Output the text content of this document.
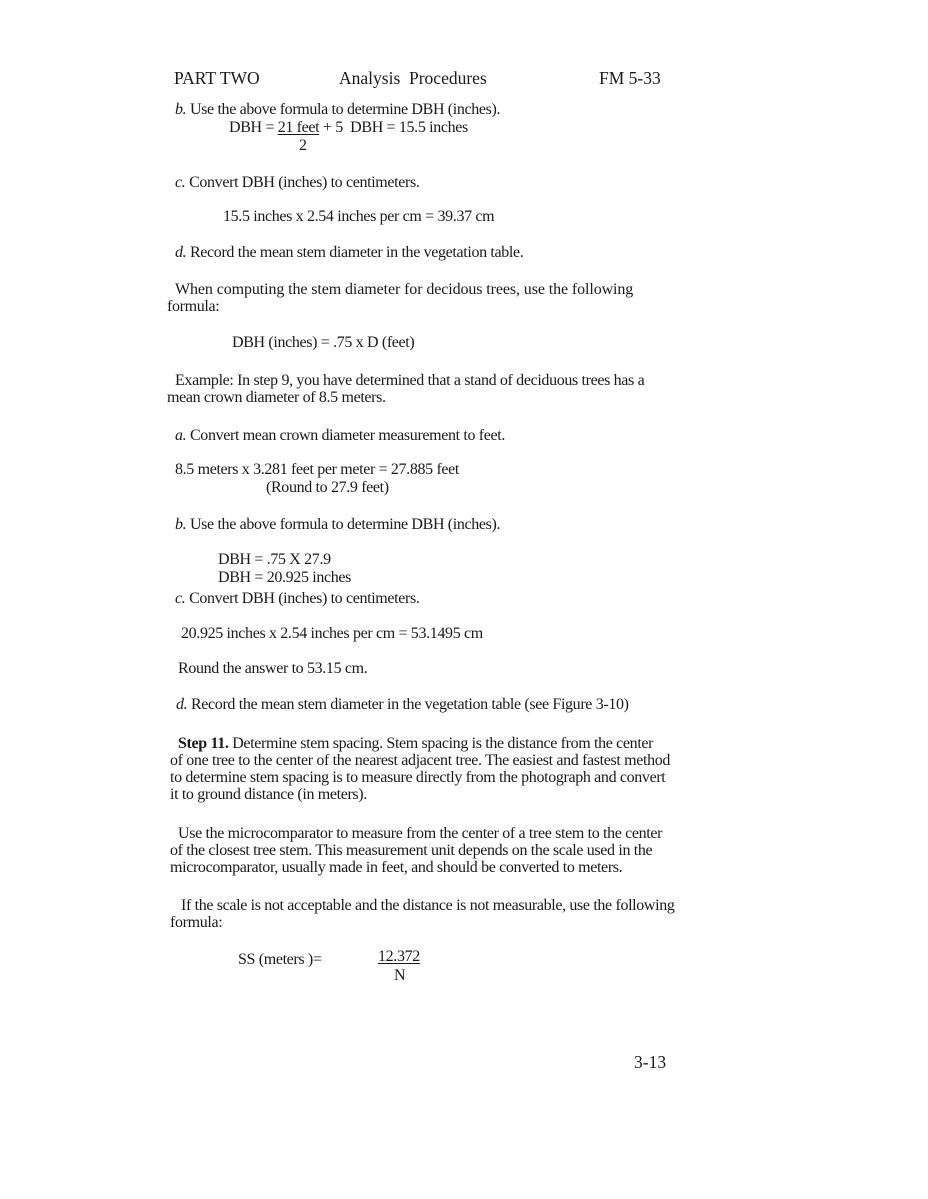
PART TWO	Analysis  Procedures	FM 5-33
b. Use the above formula to determine DBH (inches).
DBH = 21 feet + 5  DBH = 15.5 inches
2
c. Convert DBH (inches) to centimeters.
15.5 inches x 2.54 inches per cm = 39.37 cm
d. Record the mean stem diameter in the vegetation table.
When computing the stem diameter for decidous trees, use the following
formula:
DBH (inches) = .75 x D (feet)
Example: In step 9, you have determined that a stand of deciduous trees has a
mean crown diameter of 8.5 meters.
a. Convert mean crown diameter measurement to feet.
8.5 meters x 3.281 feet per meter = 27.885 feet
(Round to 27.9 feet)
b. Use the above formula to determine DBH (inches).
DBH = .75 X 27.9
DBH = 20.925 inches
c. Convert DBH (inches) to centimeters.
20.925 inches x 2.54 inches per cm = 53.1495 cm
Round the answer to 53.15 cm.
d. Record the mean stem diameter in the vegetation table (see Figure 3-10)
Step 11. Determine stem spacing. Stem spacing is the distance from the center
of one tree to the center of the nearest adjacent tree. The easiest and fastest method
to determine stem spacing is to measure directly from the photograph and convert
it to ground distance (in meters).
Use the microcomparator to measure from the center of a tree stem to the center
of the closest tree stem. This measurement unit depends on the scale used in the
microcomparator, usually made in feet, and should be converted to meters.
If the scale is not acceptable and the distance is not measurable, use the following
formula:
SS (meters )=	12.372
N
3-13
